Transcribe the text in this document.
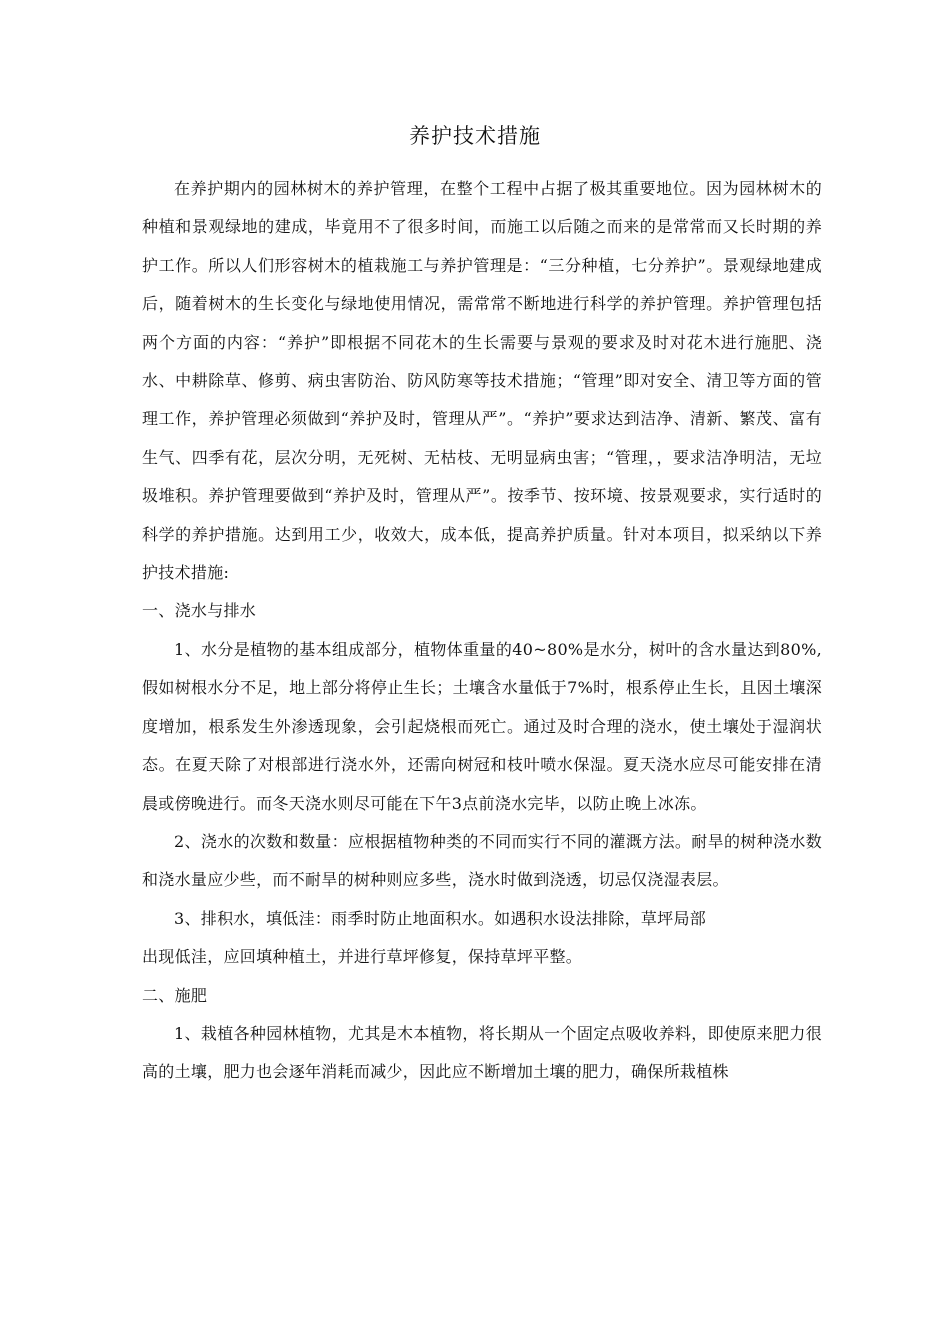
养护技术措施

在养护期内的园林树木的养护管理，在整个工程中占据了极其重要地位。因为园林树木的种植和景观绿地的建成，毕竟用不了很多时间，而施工以后随之而来的是常常而又长时期的养护工作。所以人们形容树木的植栽施工与养护管理是：“三分种植，七分养护”。景观绿地建成后，随着树木的生长变化与绿地使用情况，需常常不断地进行科学的养护管理。养护管理包括两个方面的内容：“养护”即根据不同花木的生长需要与景观的要求及时对花木进行施肥、浇水、中耕除草、修剪、病虫害防治、防风防寒等技术措施；“管理”即对安全、清卫等方面的管理工作，养护管理必须做到“养护及时，管理从严”。“养护”要求达到洁净、清新、繁茂、富有生气、四季有花，层次分明，无死树、无枯枝、无明显病虫害；“管理，，要求洁净明洁，无垃圾堆积。养护管理要做到“养护及时，管理从严”。按季节、按环境、按景观要求，实行适时的科学的养护措施。达到用工少，收效大，成本低，提高养护质量。针对本项目，拟采纳以下养护技术措施:

一、浇水与排水

1、水分是植物的基本组成部分，植物体重量的40~80%是水分，树叶的含水量达到80%,假如树根水分不足，地上部分将停止生长；土壤含水量低于7%时，根系停止生长，且因土壤深度增加，根系发生外渗透现象，会引起烧根而死亡。通过及时合理的浇水，使土壤处于湿润状态。在夏天除了对根部进行浇水外，还需向树冠和枝叶喷水保湿。夏天浇水应尽可能安排在清晨或傍晚进行。而冬天浇水则尽可能在下午3点前浇水完毕，以防止晚上冰冻。

2、浇水的次数和数量：应根据植物种类的不同而实行不同的灌溉方法。耐旱的树种浇水数和浇水量应少些，而不耐旱的树种则应多些，浇水时做到浇透，切忌仅浇湿表层。

3、排积水，填低洼：雨季时防止地面积水。如遇积水设法排除，草坪局部

出现低洼，应回填种植土，并进行草坪修复，保持草坪平整。

二、施肥

1、栽植各种园林植物，尤其是木本植物，将长期从一个固定点吸收养料，即使原来肥力很高的土壤，肥力也会逐年消耗而减少，因此应不断增加土壤的肥力，确保所栽植株
